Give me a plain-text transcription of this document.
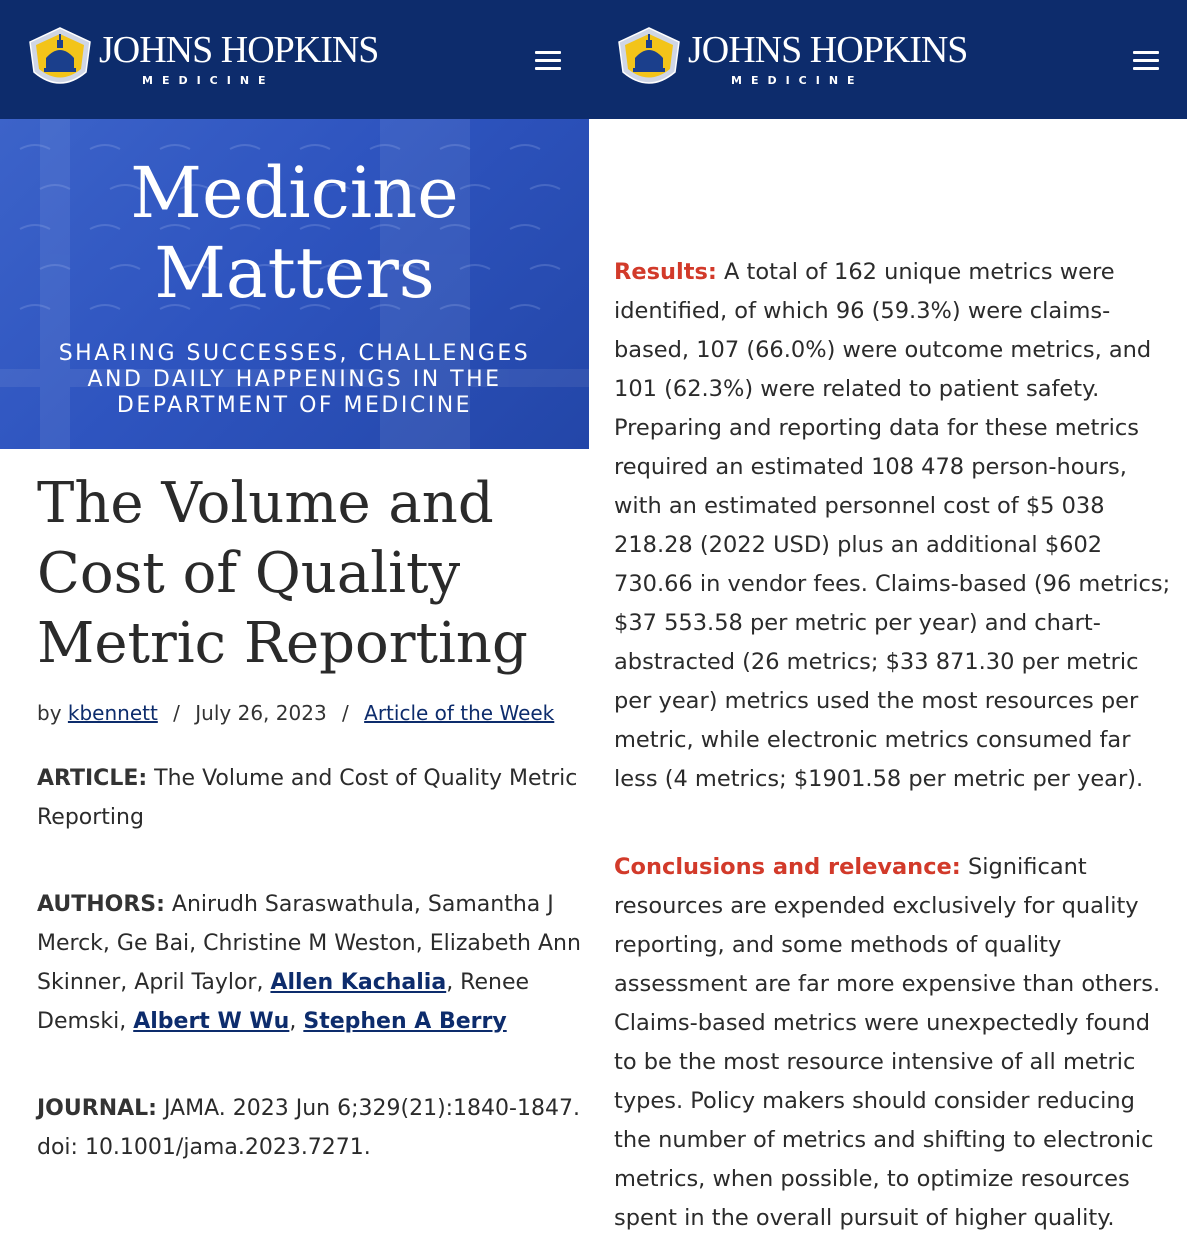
JOHNS HOPKINS
MEDICINE
Medicine
Matters
SHARING SUCCESSES, CHALLENGES
AND DAILY HAPPENINGS IN THE
DEPARTMENT OF MEDICINE
The Volume and
Cost of Quality
Metric Reporting
by kbennett / July 26, 2023 / Article of the Week

ARTICLE: The Volume and Cost of Quality Metric Reporting

AUTHORS: Anirudh Saraswathula, Samantha J Merck, Ge Bai, Christine M Weston, Elizabeth Ann Skinner, April Taylor, Allen Kachalia, Renee Demski, Albert W Wu, Stephen A Berry

JOURNAL: JAMA. 2023 Jun 6;329(21):1840-1847. doi: 10.1001/jama.2023.7271.

JOHNS HOPKINS
MEDICINE

Results: A total of 162 unique metrics were identified, of which 96 (59.3%) were claims-based, 107 (66.0%) were outcome metrics, and 101 (62.3%) were related to patient safety. Preparing and reporting data for these metrics required an estimated 108 478 person-hours, with an estimated personnel cost of $5 038 218.28 (2022 USD) plus an additional $602 730.66 in vendor fees. Claims-based (96 metrics; $37 553.58 per metric per year) and chart-abstracted (26 metrics; $33 871.30 per metric per year) metrics used the most resources per metric, while electronic metrics consumed far less (4 metrics; $1901.58 per metric per year).

Conclusions and relevance: Significant resources are expended exclusively for quality reporting, and some methods of quality assessment are far more expensive than others. Claims-based metrics were unexpectedly found to be the most resource intensive of all metric types. Policy makers should consider reducing the number of metrics and shifting to electronic metrics, when possible, to optimize resources spent in the overall pursuit of higher quality.
